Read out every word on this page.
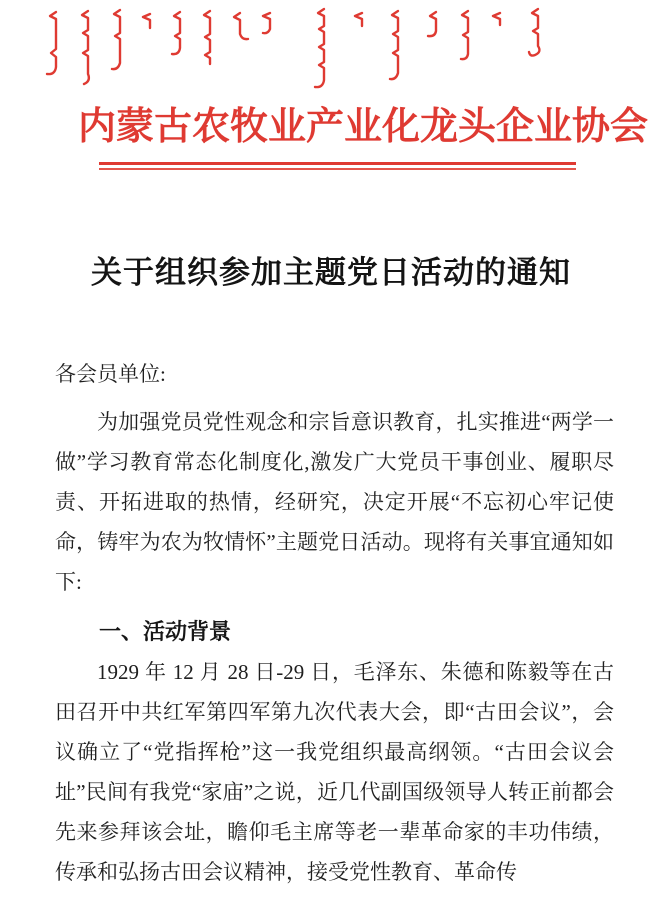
内蒙古农牧业产业化龙头企业协会
关于组织参加主题党日活动的通知

各会员单位:

为加强党员党性观念和宗旨意识教育，扎实推进“两学一做”学习教育常态化制度化,激发广大党员干事创业、履职尽责、开拓进取的热情，经研究，决定开展“不忘初心牢记使命，铸牢为农为牧情怀”主题党日活动。现将有关事宜通知如下:

一、活动背景

1929 年 12 月 28 日-29 日，毛泽东、朱德和陈毅等在古田召开中共红军第四军第九次代表大会，即“古田会议”，会议确立了“党指挥枪”这一我党组织最高纲领。“古田会议会址”民间有我党“家庙”之说，近几代副国级领导人转正前都会先来参拜该会址，瞻仰毛主席等老一辈革命家的丰功伟绩，传承和弘扬古田会议精神，接受党性教育、革命传
